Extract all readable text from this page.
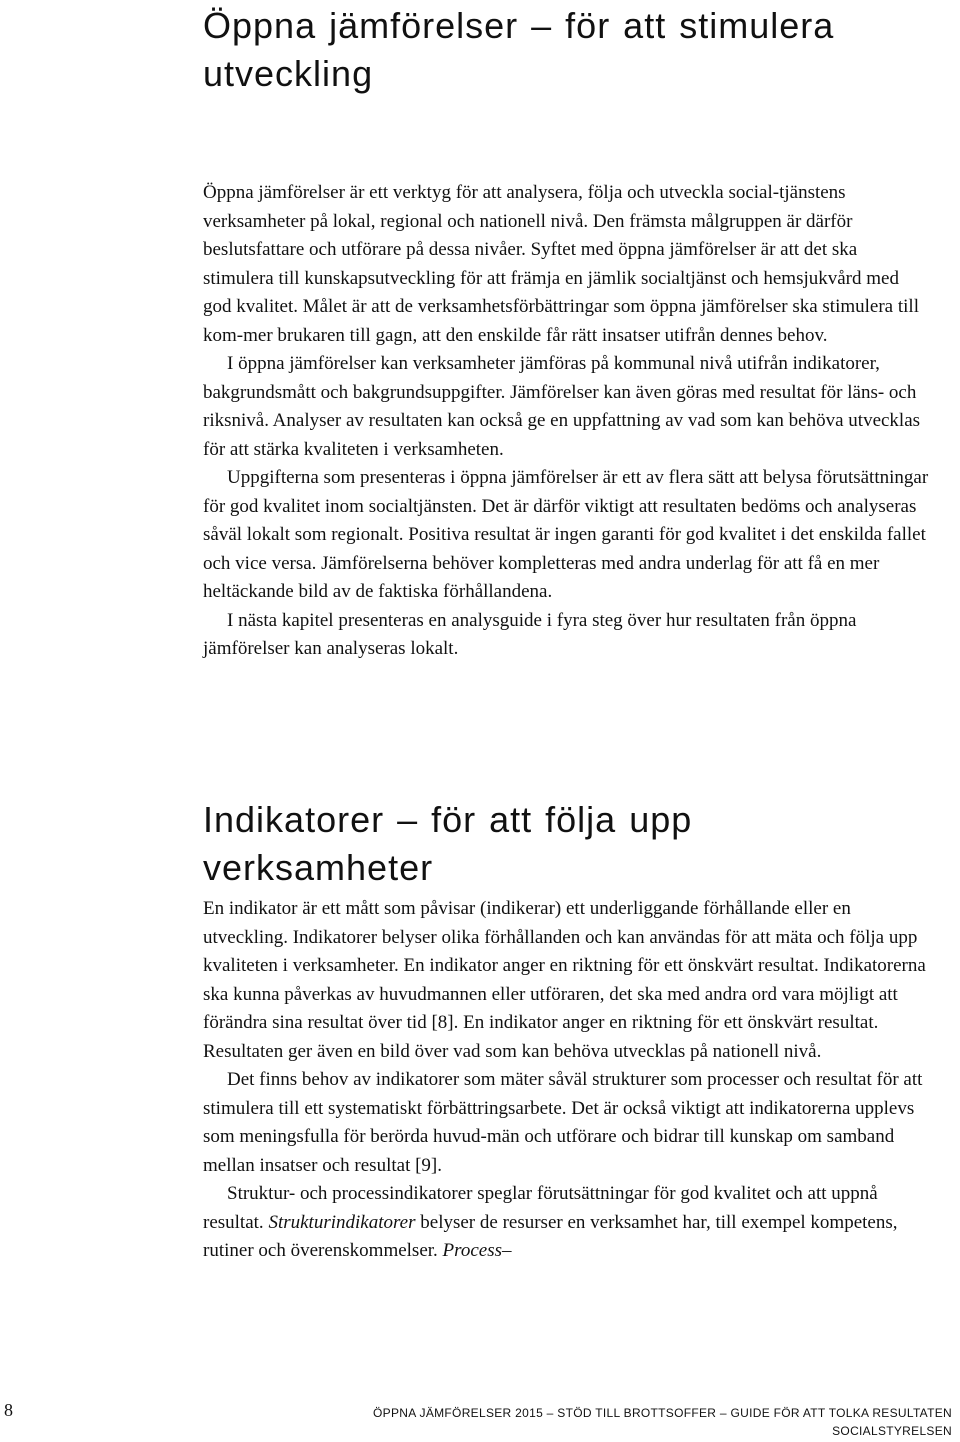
Öppna jämförelser – för att stimulera utveckling

Öppna jämförelser är ett verktyg för att analysera, följa och utveckla social-tjänstens verksamheter på lokal, regional och nationell nivå. Den främsta målgruppen är därför beslutsfattare och utförare på dessa nivåer. Syftet med öppna jämförelser är att det ska stimulera till kunskapsutveckling för att främja en jämlik socialtjänst och hemsjukvård med god kvalitet. Målet är att de verksamhetsförbättringar som öppna jämförelser ska stimulera till kom-mer brukaren till gagn, att den enskilde får rätt insatser utifrån dennes behov.

I öppna jämförelser kan verksamheter jämföras på kommunal nivå utifrån indikatorer, bakgrundsmått och bakgrundsuppgifter. Jämförelser kan även göras med resultat för läns- och riksnivå. Analyser av resultaten kan också ge en uppfattning av vad som kan behöva utvecklas för att stärka kvaliteten i verksamheten.

Uppgifterna som presenteras i öppna jämförelser är ett av flera sätt att belysa förutsättningar för god kvalitet inom socialtjänsten. Det är därför viktigt att resultaten bedöms och analyseras såväl lokalt som regionalt. Positiva resultat är ingen garanti för god kvalitet i det enskilda fallet och vice versa. Jämförelserna behöver kompletteras med andra underlag för att få en mer heltäckande bild av de faktiska förhållandena.

I nästa kapitel presenteras en analysguide i fyra steg över hur resultaten från öppna jämförelser kan analyseras lokalt.

Indikatorer – för att följa upp verksamheter

En indikator är ett mått som påvisar (indikerar) ett underliggande förhållande eller en utveckling. Indikatorer belyser olika förhållanden och kan användas för att mäta och följa upp kvaliteten i verksamheter. En indikator anger en riktning för ett önskvärt resultat. Indikatorerna ska kunna påverkas av huvudmannen eller utföraren, det ska med andra ord vara möjligt att förändra sina resultat över tid [8]. En indikator anger en riktning för ett önskvärt resultat. Resultaten ger även en bild över vad som kan behöva utvecklas på nationell nivå.

Det finns behov av indikatorer som mäter såväl strukturer som processer och resultat för att stimulera till ett systematiskt förbättringsarbete. Det är också viktigt att indikatorerna upplevs som meningsfulla för berörda huvud-män och utförare och bidrar till kunskap om samband mellan insatser och resultat [9].

Struktur- och processindikatorer speglar förutsättningar för god kvalitet och att uppnå resultat. Strukturindikatorer belyser de resurser en verksamhet har, till exempel kompetens, rutiner och överenskommelser. Process–

8	ÖPPNA JÄMFÖRELSER 2015 – STÖD TILL BROTTSOFFER – GUIDE FÖR ATT TOLKA RESULTATEN
SOCIALSTYRELSEN
